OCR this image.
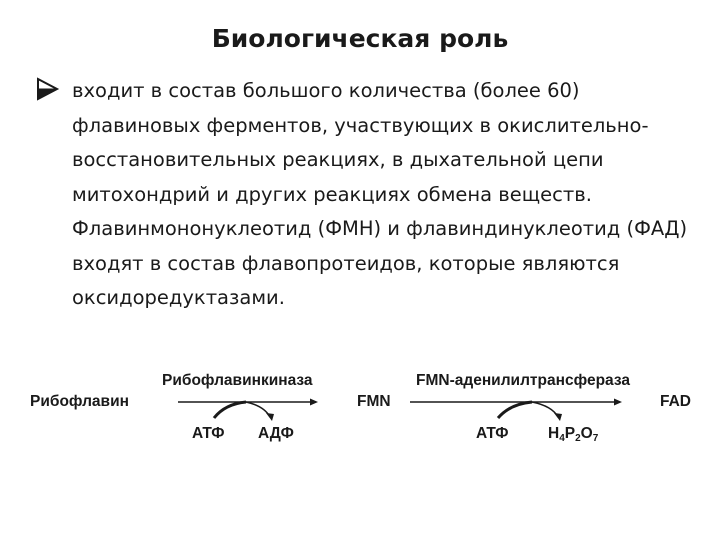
Биологическая роль

входит в состав большого количества (более 60) флавиновых ферментов, участвующих в окислительно-восстановительных реакциях, в дыхательной цепи митохондрий и других реакциях обмена веществ. Флавинмононуклеотид (ФМН) и флавиндинуклеотид (ФАД) входят в состав флавопротеидов, которые являются оксидоредуктазами.

Рибофлавин

Рибофлавинкиназа

АТФ АДФ

FMN

FMN-аденилилтрансфераза

АТФ	$H_4P_2O_7$

FAD
